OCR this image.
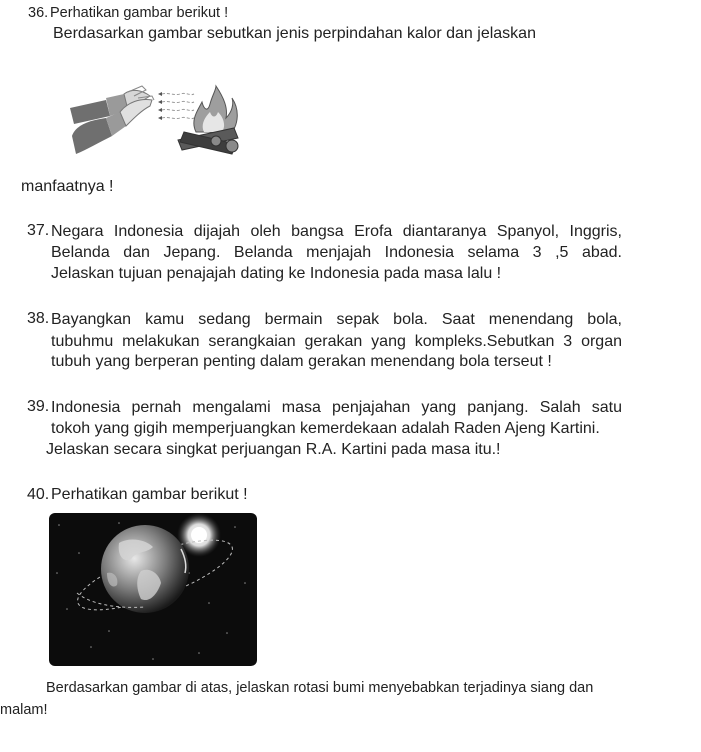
36. Perhatikan gambar berikut !
Berdasarkan gambar sebutkan jenis perpindahan kalor dan jelaskan
manfaatnya !
37. Negara Indonesia dijajah oleh bangsa Erofa diantaranya Spanyol, Inggris,
Belanda dan Jepang. Belanda menjajah Indonesia selama 3 ,5 abad.
Jelaskan tujuan penajajah dating ke Indonesia pada masa lalu !
38. Bayangkan kamu sedang bermain sepak bola. Saat menendang bola,
tubuhmu melakukan serangkaian gerakan yang kompleks.Sebutkan 3 organ
tubuh yang berperan penting dalam gerakan menendang bola terseut !
39. Indonesia pernah mengalami masa penjajahan yang panjang. Salah satu
tokoh yang gigih memperjuangkan kemerdekaan adalah Raden Ajeng Kartini.
Jelaskan secara singkat perjuangan R.A. Kartini pada masa itu.!
40. Perhatikan gambar berikut !
Berdasarkan gambar di atas, jelaskan rotasi bumi menyebabkan terjadinya siang dan
malam!
